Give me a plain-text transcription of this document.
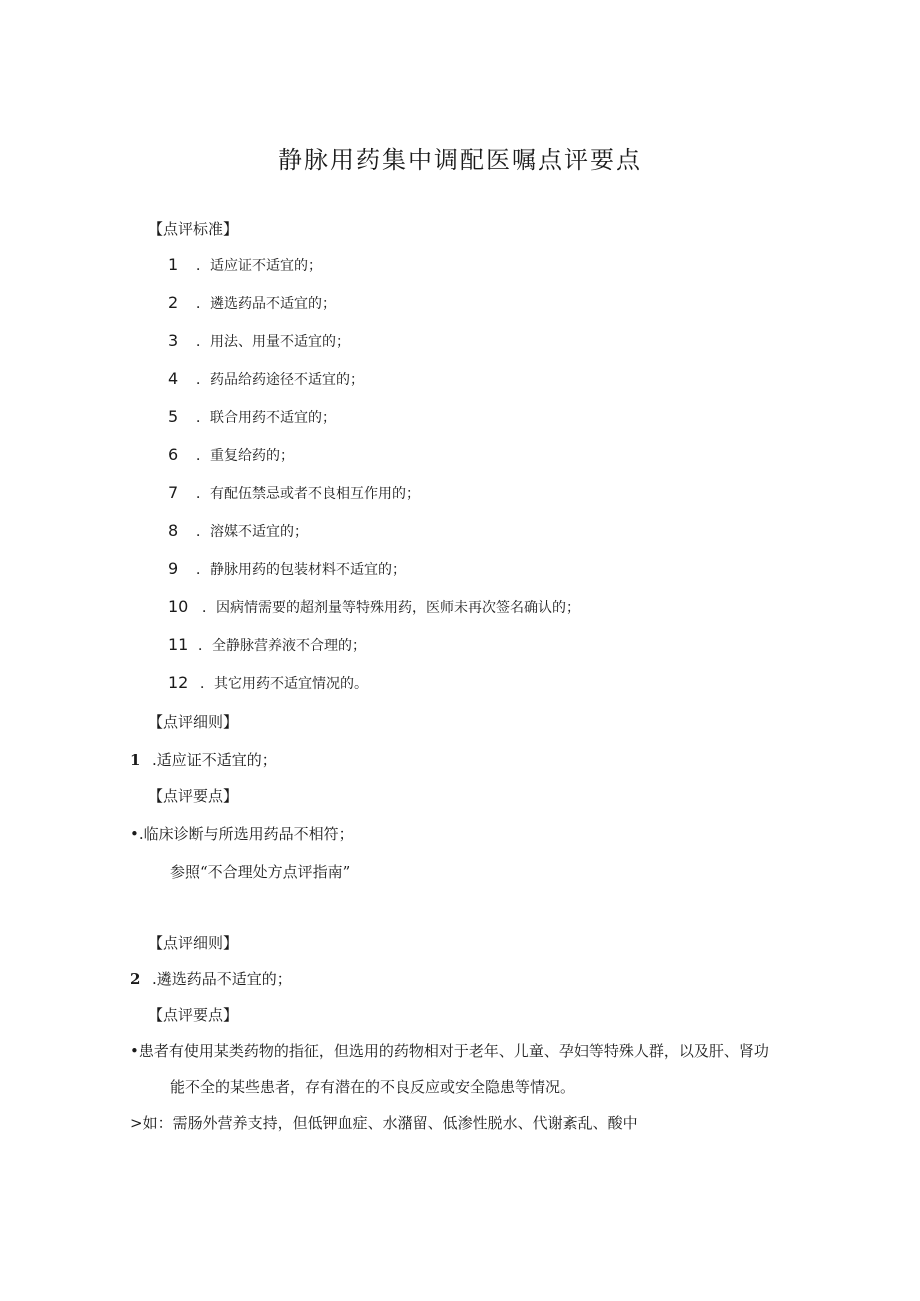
静脉用药集中调配医嘱点评要点
【点评标准】
1 ．适应证不适宜的；
2 ．遴选药品不适宜的；
3 ．用法、用量不适宜的；
4 ．药品给药途径不适宜的；
5 ．联合用药不适宜的；
6 ．重复给药的；
7 ．有配伍禁忌或者不良相互作用的；
8 ．溶媒不适宜的；
9 ．静脉用药的包装材料不适宜的；
10 ．因病情需要的超剂量等特殊用药，医师未再次签名确认的；
11 ．全静脉营养液不合理的；
12 ．其它用药不适宜情况的。
【点评细则】
1 .适应证不适宜的；
【点评要点】
•.临床诊断与所选用药品不相符；
参照“不合理处方点评指南”
【点评细则】
2 .遴选药品不适宜的；
【点评要点】
•患者有使用某类药物的指征，但选用的药物相对于老年、儿童、孕妇等特殊人群，以及肝、肾功
能不全的某些患者，存有潜在的不良反应或安全隐患等情况。
>如：需肠外营养支持，但低钾血症、水潴留、低渗性脱水、代谢紊乱、酸中
